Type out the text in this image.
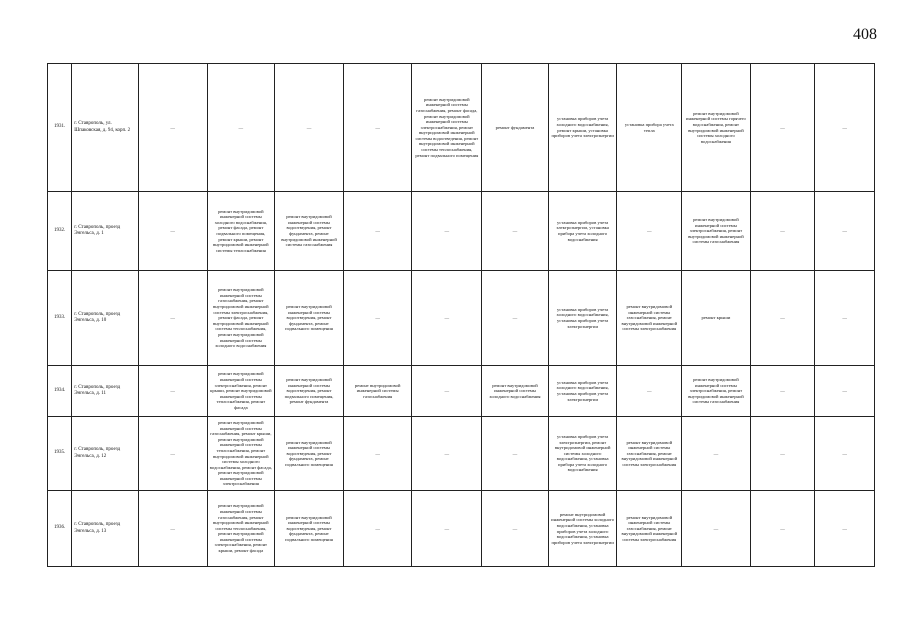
408
1931.	г. Ставрополь, ул. Шпаковская, д. 94, корп. 2	—	—	—	—	ремонт внутридомовой инженерной системы газоснабжения, ремонт фасада, ремонт внутридомовой инженерной системы электроснабжения, ремонт внутридомовой инженерной системы водоотведения, ремонт внутридомовой инженерной системы теплоснабжения, ремонт подвального помещения	ремонт фундамента	установка приборов учета холодного водоснабжения, ремонт крыши, установка приборов учета электроэнергии	установка прибора учета тепла	ремонт внутридомовой инженерной системы горячего водоснабжения, ремонт внутридомовой инженерной системы холодного водоснабжения	—	—
1932.	г. Ставрополь, проезд Энгельса, д. 1	—	ремонт внутридомовой инженерной системы холодного водоснабжения, ремонт фасада, ремонт подвального помещения, ремонт крыши, ремонт внутридомовой инженерной системы теплоснабжения	ремонт внутридомовой инженерной системы водоотведения, ремонт фундамента, ремонт внутридомовой инженерной системы газоснабжения	—	—	—	установка приборов учета электроэнергии, установка прибора учета холодного водоснабжения	—	ремонт внутридомовой инженерной системы электроснабжения, ремонт внутридомовой инженерной системы газоснабжения	—	—
1933.	г. Ставрополь, проезд Энгельса, д. 10	—	ремонт внутридомовой инженерной системы газоснабжения, ремонт внутридомовой инженерной системы электроснабжения, ремонт фасада, ремонт внутридомовой инженерной системы теплоснабжения, ремонт внутридомовой инженерной системы холодного водоснабжения	ремонт внутридомовой инженерной системы водоотведения, ремонт фундамента, ремонт подвального помещения	—	—	—	установка приборов учета холодного водоснабжения, установка приборов учета электроэнергии	ремонт внутридомовой инженерной системы газоснабжения, ремонт внутридомовой инженерной системы электроснабжения	ремонт крыши	—	—
1934.	г. Ставрополь, проезд Энгельса, д. 11	—	ремонт внутридомовой инженерной системы электроснабжения, ремонт крыши, ремонт внутридомовой инженерной системы теплоснабжения, ремонт фасада	ремонт внутридомовой инженерной системы водоотведения, ремонт подвального помещения, ремонт фундамента	ремонт внутридомовой инженерной системы газоснабжения	—	ремонт внутридомовой инженерной системы холодного водоснабжения	установка приборов учета холодного водоснабжения, установка приборов учета электроэнергии	—	ремонт внутридомовой инженерной системы электроснабжения, ремонт внутридомовой инженерной системы газоснабжения	—	—
1935.	г. Ставрополь, проезд Энгельса, д. 12	—	ремонт внутридомовой инженерной системы газоснабжения, ремонт крыши, ремонт внутридомовой инженерной системы теплоснабжения, ремонт внутридомовой инженерной системы холодного водоснабжения, ремонт фасада, ремонт внутридомовой инженерной системы электроснабжения	ремонт внутридомовой инженерной системы водоотведения, ремонт фундамента, ремонт подвального помещения	—	—	—	установка приборов учета электроэнергии, ремонт внутридомовой инженерной системы холодного водоснабжения, установка прибора учета холодного водоснабжения	ремонт внутридомовой инженерной системы газоснабжения, ремонт внутридомовой инженерной системы электроснабжения	—	—	—
1936.	г. Ставрополь, проезд Энгельса, д. 13	—	ремонт внутридомовой инженерной системы газоснабжения, ремонт внутридомовой инженерной системы теплоснабжения, ремонт внутридомовой инженерной системы электроснабжения, ремонт крыши, ремонт фасада	ремонт внутридомовой инженерной системы водоотведения, ремонт фундамента, ремонт подвального помещения	—	—	—	ремонт внутридомовой инженерной системы холодного водоснабжения, установка приборов учета холодного водоснабжения, установка приборов учета электроэнергии	ремонт внутридомовой инженерной системы газоснабжения, ремонт внутридомовой инженерной системы электроснабжения	—	—	—
